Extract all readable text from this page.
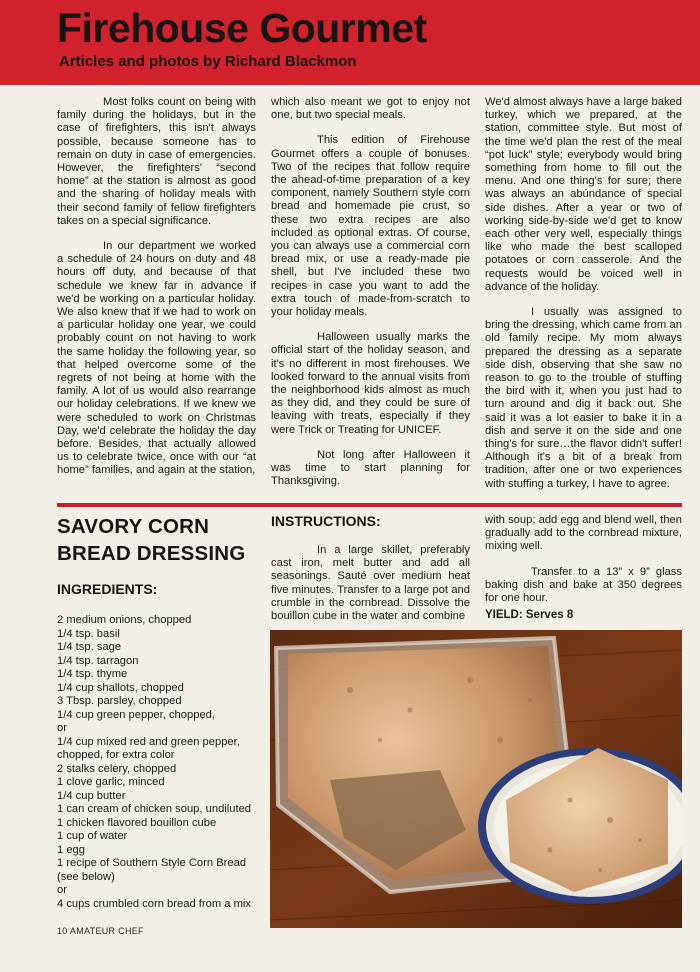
Firehouse Gourmet
Articles and photos by Richard Blackmon

Most folks count on being with family during the holidays, but in the case of firefighters, this isn't always possible, because someone has to remain on duty in case of emergencies. However, the firefighters' “second home” at the station is almost as good and the sharing of holiday meals with their second family of fellow firefighters takes on a special significance.

In our department we worked a schedule of 24 hours on duty and 48 hours off duty, and because of that schedule we knew far in advance if we'd be working on a particular holiday. We also knew that if we had to work on a particular holiday one year, we could probably count on not having to work the same holiday the following year, so that helped overcome some of the regrets of not being at home with the family. A lot of us would also rearrange our holiday celebrations. If we knew we were scheduled to work on Christmas Day, we'd celebrate the holiday the day before. Besides, that actually allowed us to celebrate twice, once with our “at home” families, and again at the station,

which also meant we got to enjoy not one, but two special meals.

This edition of Firehouse Gourmet offers a couple of bonuses. Two of the recipes that follow require the ahead-of-time preparation of a key component, namely Southern style corn bread and homemade pie crust, so these two extra recipes are also included as optional extras. Of course, you can always use a commercial corn bread mix, or use a ready-made pie shell, but I've included these two recipes in case you want to add the extra touch of made-from-scratch to your holiday meals.

Halloween usually marks the official start of the holiday season, and it's no different in most firehouses. We looked forward to the annual visits from the neighborhood kids almost as much as they did, and they could be sure of leaving with treats, especially if they were Trick or Treating for UNICEF.

Not long after Halloween it was time to start planning for Thanksgiving.

We'd almost always have a large baked turkey, which we prepared, at the station, committee style. But most of the time we'd plan the rest of the meal “pot luck” style; everybody would bring something from home to fill out the menu. And one thing's for sure; there was always an abúndance of special side dishes. After a year or two of working side-by-side we'd get to know each other very well, especially things like who made the best scalloped potatoes or corn casserole. And the requests would be voiced well in advance of the holiday.

I usually was assigned to bring the dressing, which came from an old family recipe. My mom always prepared the dressing as a separate side dish, observing that she saw no reason to go to the trouble of stuffing the bird with it, when you just had to turn around and dig it back out. She said it was a lot easier to bake it in a dish and serve it on the side and one thing's for sure…the flavor didn't suffer! Although it's a bit of a break from tradition, after one or two experiences with stuffing a turkey, I have to agree.

SAVORY CORN
BREAD DRESSING
INGREDIENTS:
2 medium onions, chopped
1/4 tsp. basil
1/4 tsp. sage
1/4 tsp. tarragon
1/4 tsp. thyme
1/4 cup shallots, chopped
3 Tbsp. parsley, chopped
1/4 cup green pepper, chopped,
or
1/4 cup mixed red and green pepper, chopped, for extra color
2 stalks celery, chopped
1 clove garlic, minced
1/4 cup butter
1 can cream of chicken soup, undiluted
1 chicken flavored bouillon cube
1 cup of water
1 egg
1 recipe of Southern Style Corn Bread (see below)
or
4 cups crumbled corn bread from a mix
INSTRUCTIONS:

In a large skillet, preferably cast iron, melt butter and add all seasonings. Sauté over medium heat five minutes. Transfer to a large pot and crumble in the cornbread. Dissolve the bouillon cube in the water and combine

with soup; add egg and blend well, then gradually add to the cornbread mixture, mixing well.

Transfer to a 13” x 9” glass baking dish and bake at 350 degrees for one hour.

YIELD: Serves 8
10 AMATEUR CHEF
